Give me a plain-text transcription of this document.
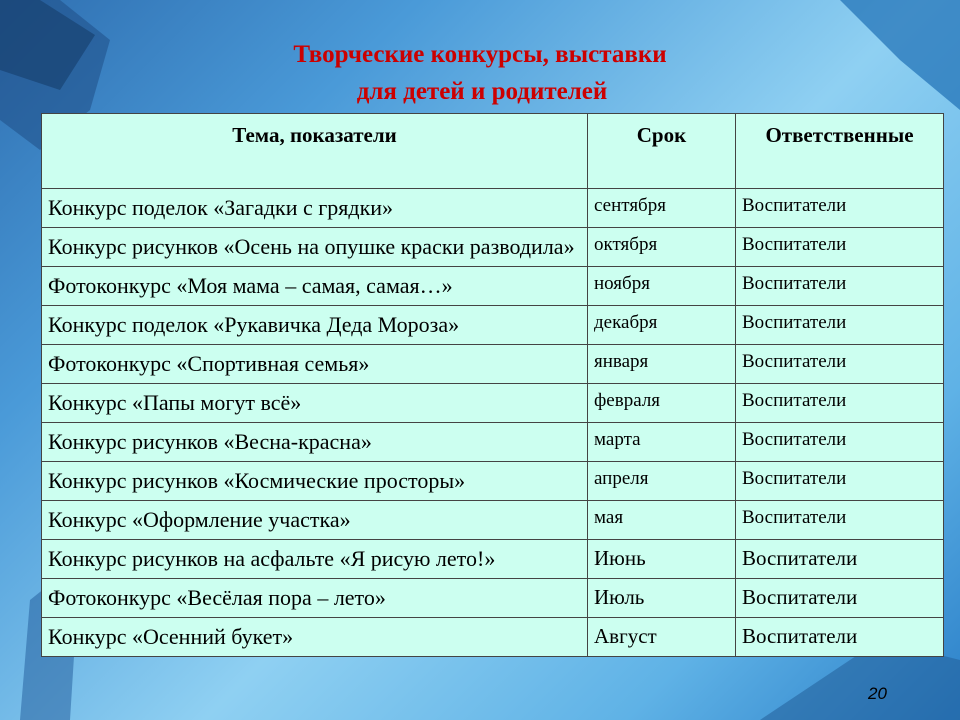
Творческие конкурсы, выставки
для детей и родителей
Тема, показатели	Срок	Ответственные
Конкурс поделок «Загадки с грядки»	сентября	Воспитатели
Конкурс рисунков «Осень на опушке краски разводила»	октября	Воспитатели
Фотоконкурс «Моя мама – самая, самая…»	ноября	Воспитатели
Конкурс поделок «Рукавичка Деда Мороза»	декабря	Воспитатели
Фотоконкурс «Спортивная семья»	января	Воспитатели
Конкурс «Папы могут всё»	февраля	Воспитатели
Конкурс рисунков «Весна-красна»	марта	Воспитатели
Конкурс рисунков «Космические просторы»	апреля	Воспитатели
Конкурс «Оформление участка»	мая	Воспитатели
Конкурс рисунков на асфальте «Я рисую лето!»	Июнь	Воспитатели
Фотоконкурс «Весёлая пора – лето»	Июль	Воспитатели
Конкурс «Осенний букет»	Август	Воспитатели
20
